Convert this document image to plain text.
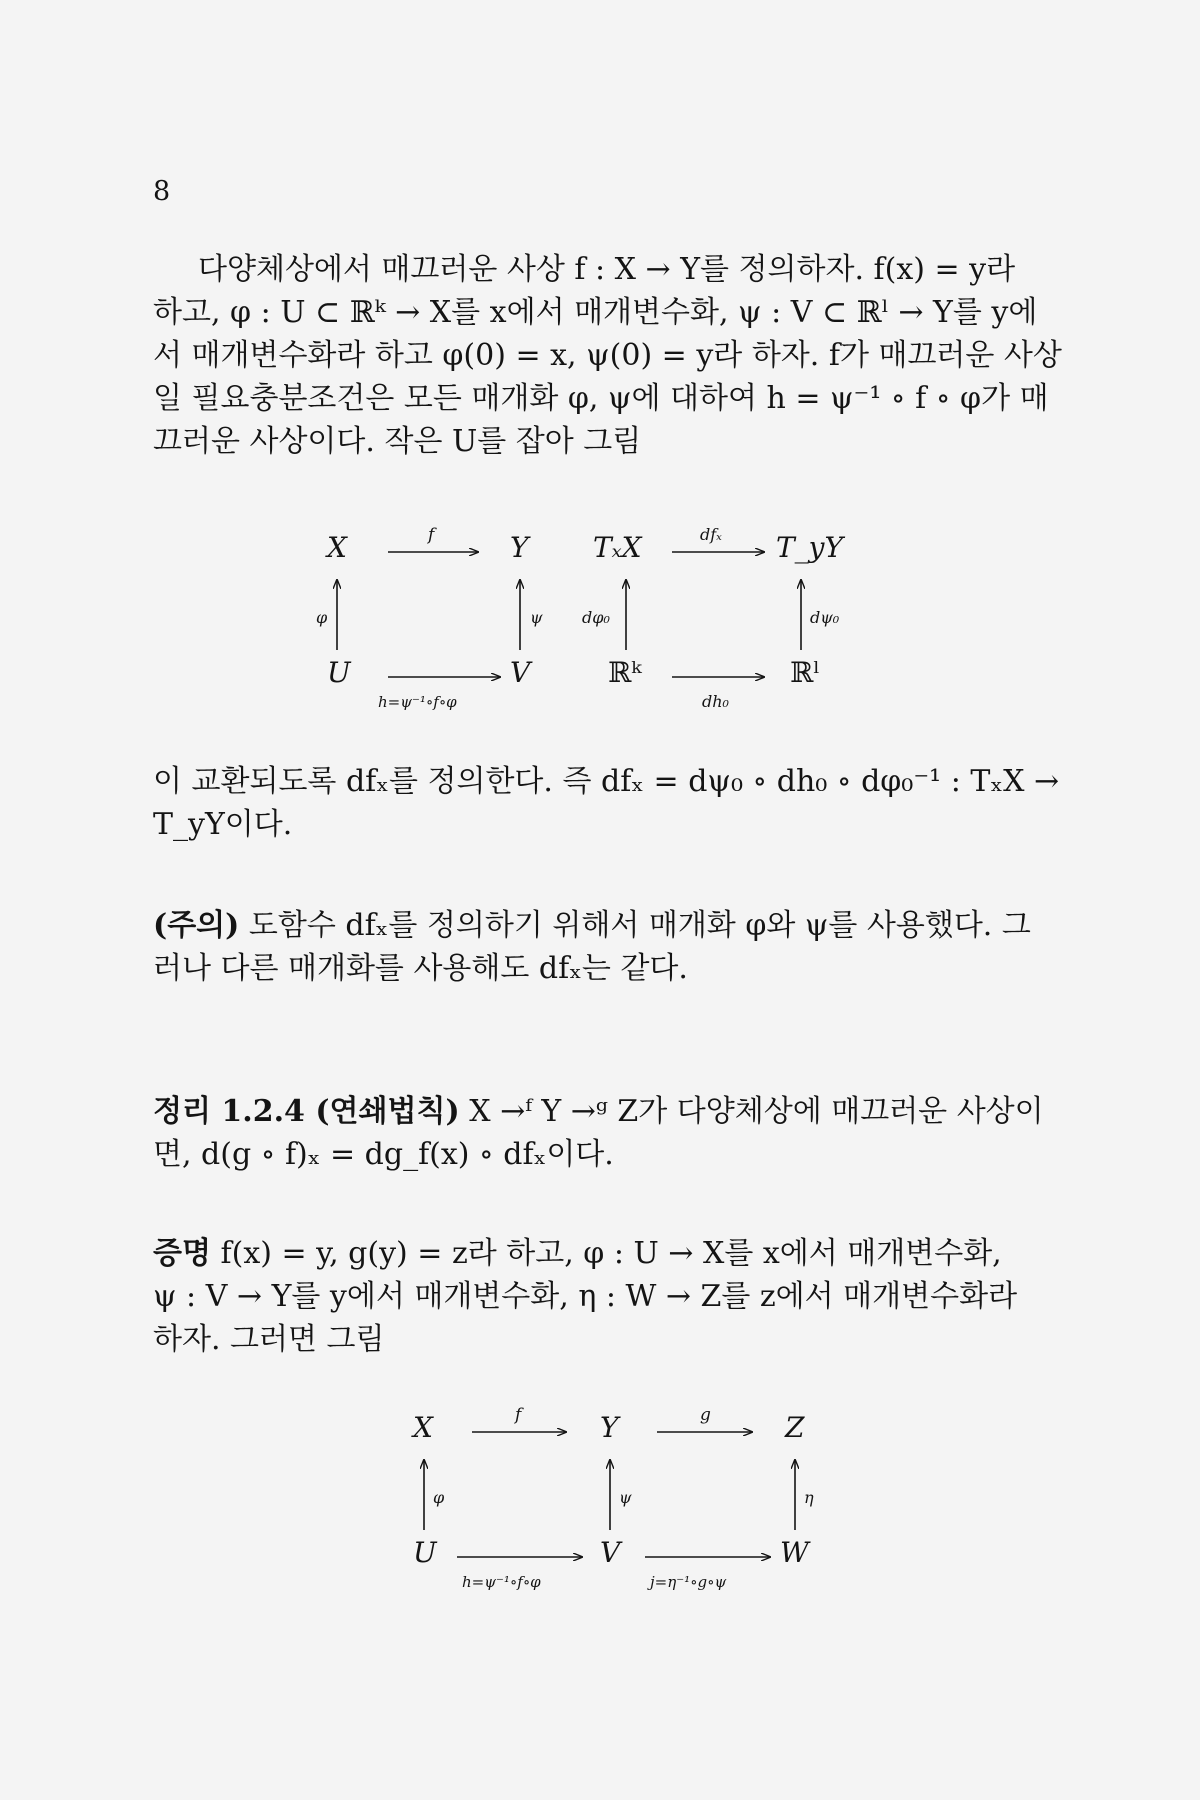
8
다양체상에서 매끄러운 사상 f : X → Y를 정의하자. f(x) = y라
하고, φ : U ⊂ ℝᵏ → X를 x에서 매개변수화, ψ : V ⊂ ℝˡ → Y를 y에
서 매개변수화라 하고 φ(0) = x, ψ(0) = y라 하자. f가 매끄러운 사상
일 필요충분조건은 모든 매개화 φ, ψ에 대하여 h = ψ⁻¹ ∘ f ∘ φ가 매
끄러운 사상이다. 작은 U를 잡아 그림
X	Y
U	V
f
h=ψ⁻¹∘f∘φ
φ	ψ
TₓX	T_yY
ℝᵏ	ℝˡ
dfₓ
dh₀
dφ₀	dψ₀
이 교환되도록 dfₓ를 정의한다. 즉 dfₓ = dψ₀ ∘ dh₀ ∘ dφ₀⁻¹ : TₓX →
T_yY이다.
(주의) 도함수 dfₓ를 정의하기 위해서 매개화 φ와 ψ를 사용했다. 그
러나 다른 매개화를 사용해도 dfₓ는 같다.
정리 1.2.4 (연쇄법칙) X →ᶠ Y →ᵍ Z가 다양체상에 매끄러운 사상이
면, d(g ∘ f)ₓ = dg_f(x) ∘ dfₓ이다.
증명 f(x) = y, g(y) = z라 하고, φ : U → X를 x에서 매개변수화,
ψ : V → Y를 y에서 매개변수화, η : W → Z를 z에서 매개변수화라
하자. 그러면 그림
X	Y	Z
U	V	W
f	g
h=ψ⁻¹∘f∘φ	j=η⁻¹∘g∘ψ
φ	ψ	η
